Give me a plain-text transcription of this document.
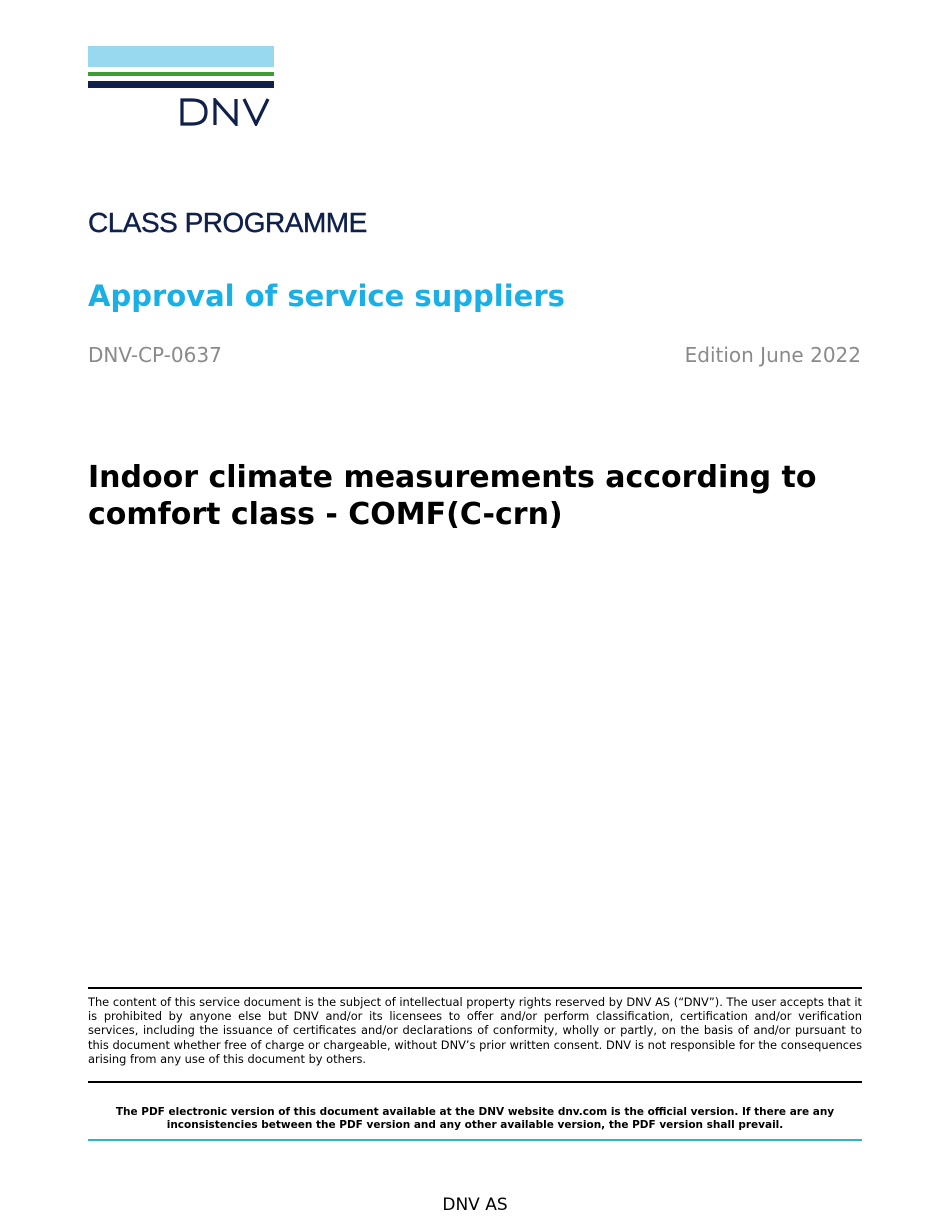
CLASS PROGRAMME
Approval of service suppliers
DNV-CP-0637	Edition June 2022
Indoor climate measurements according to comfort class - COMF(C-crn)

The content of this service document is the subject of intellectual property rights reserved by DNV AS (“DNV”). The user accepts that it is prohibited by anyone else but DNV and/or its licensees to offer and/or perform classification, certification and/or verification services, including the issuance of certificates and/or declarations of conformity, wholly or partly, on the basis of and/or pursuant to this document whether free of charge or chargeable, without DNV’s prior written consent. DNV is not responsible for the consequences arising from any use of this document by others.

The PDF electronic version of this document available at the DNV website dnv.com is the official version. If there are any inconsistencies between the PDF version and any other available version, the PDF version shall prevail.

DNV AS
